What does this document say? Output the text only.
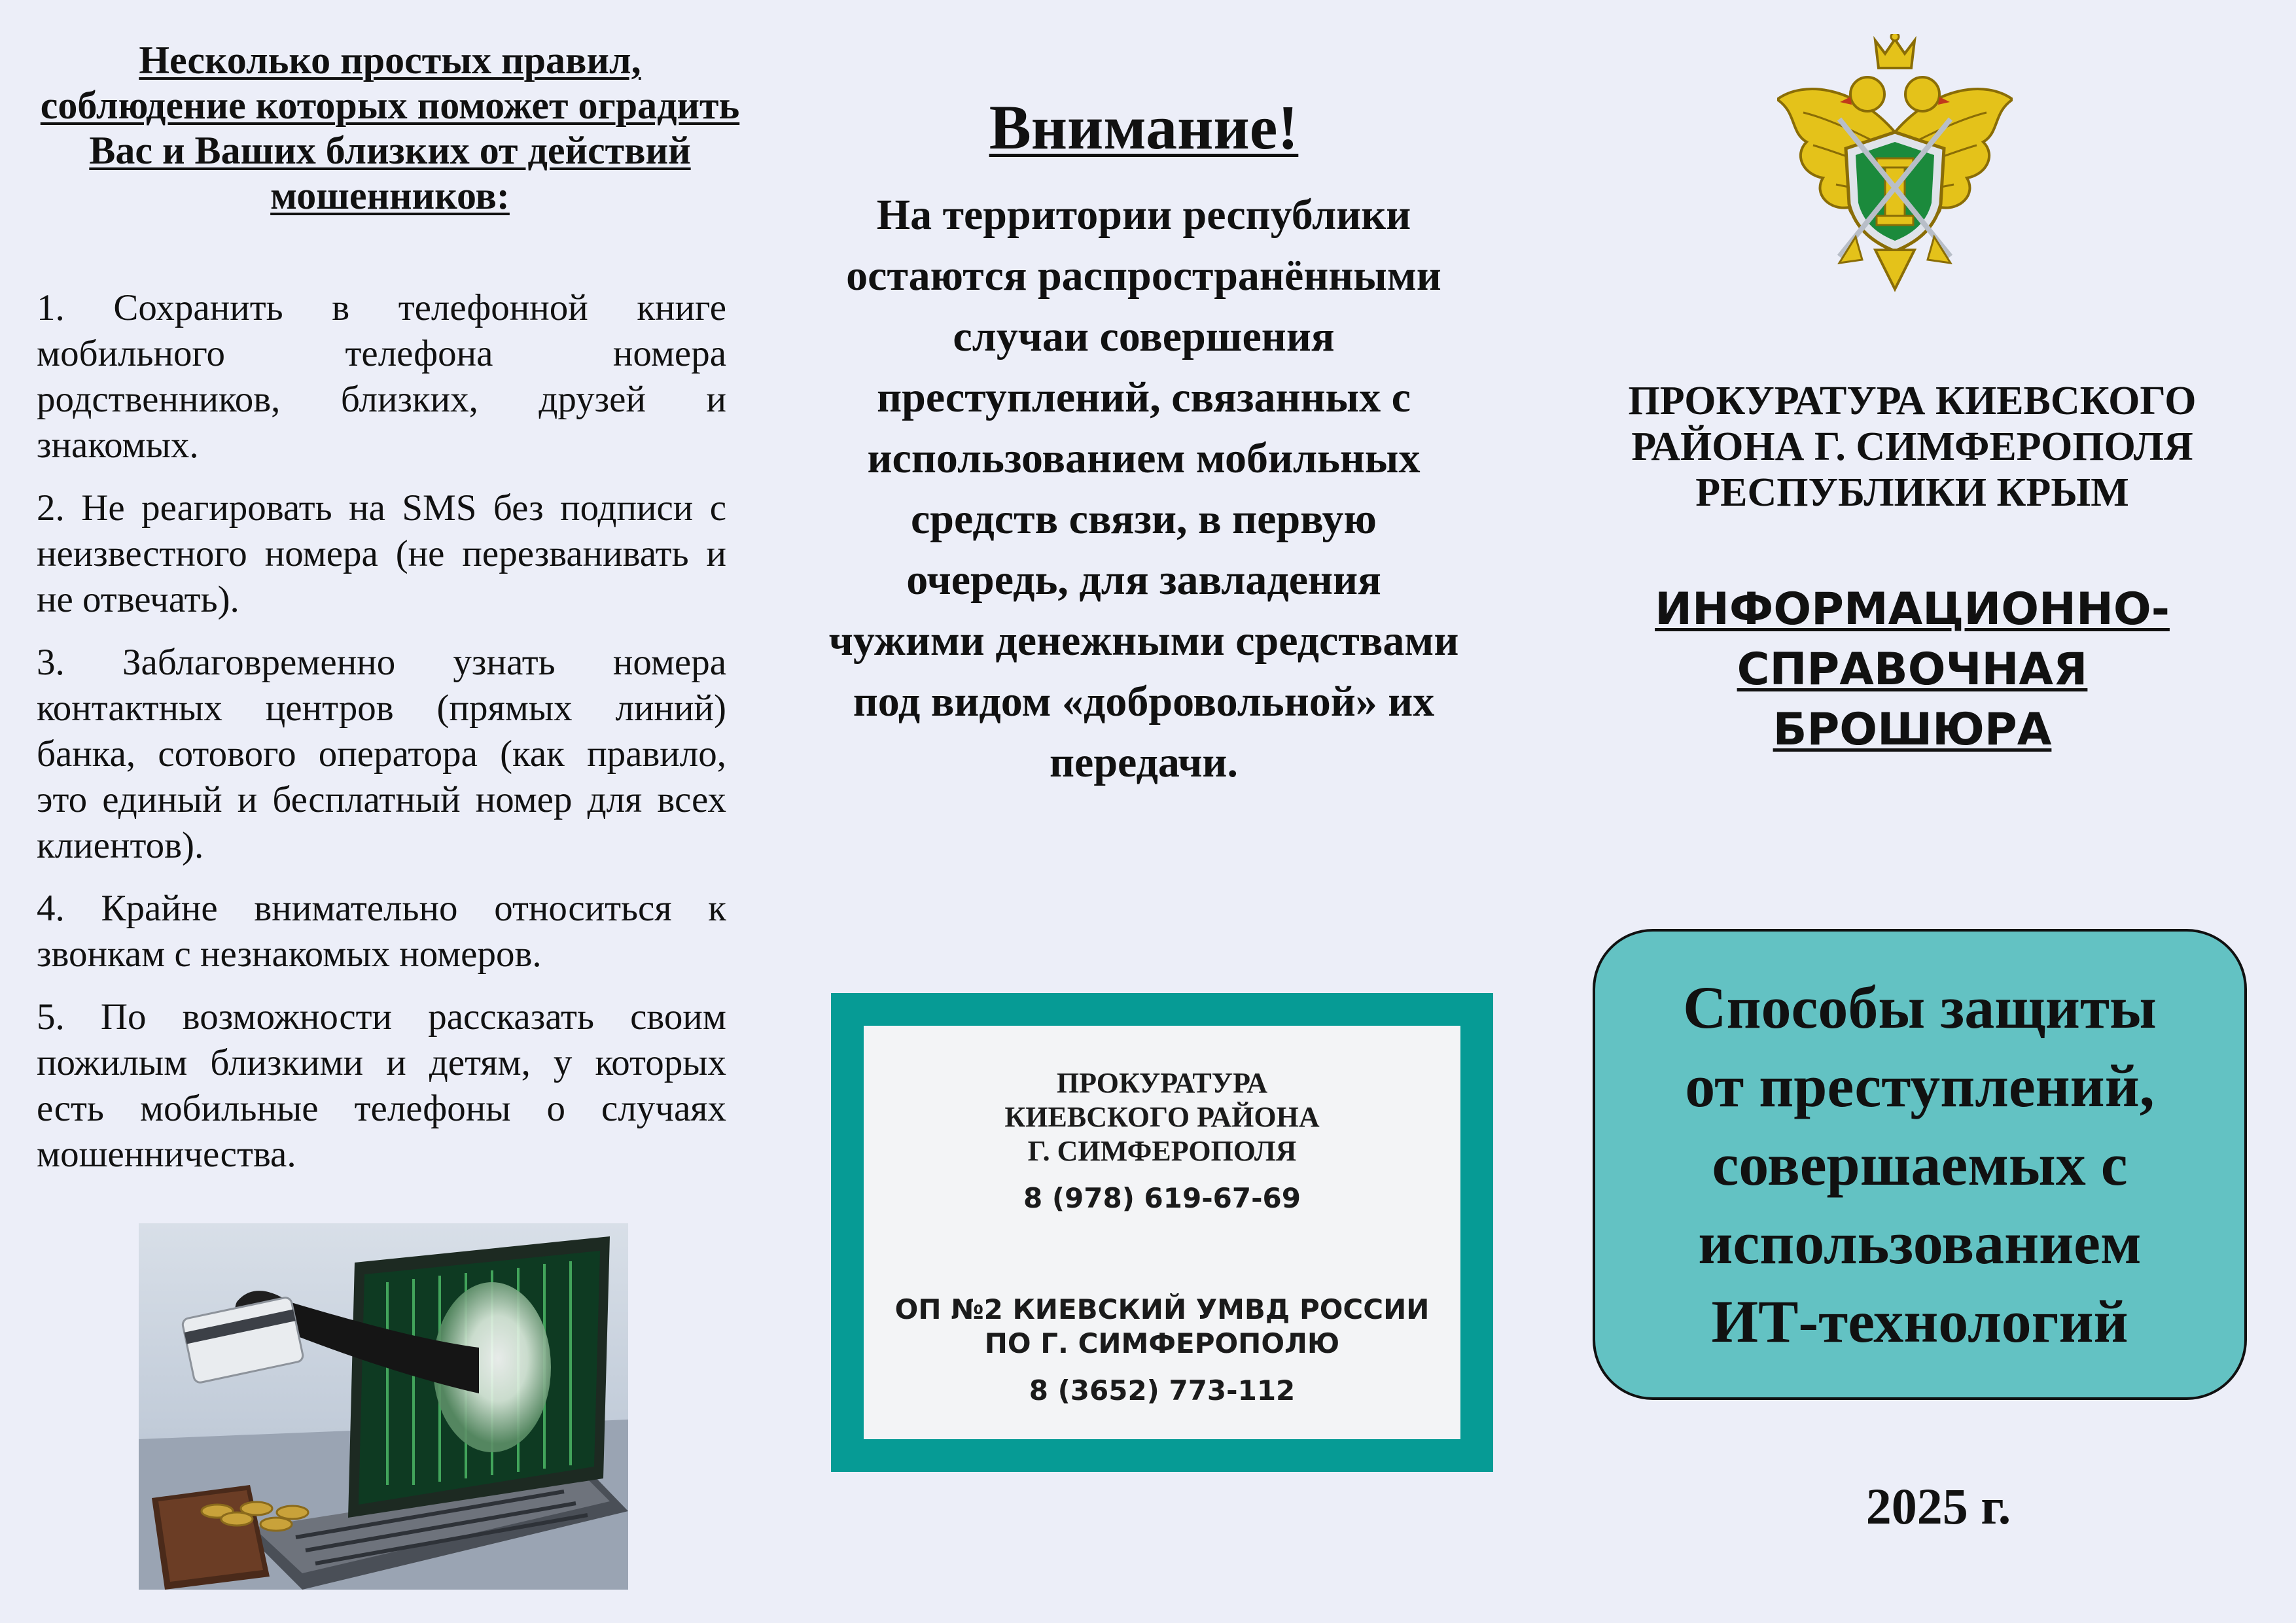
Несколько простых правил, соблюдение которых поможет оградить Вас и Ваших близких от действий мошенников:

1. Сохранить в телефонной книге мобильного телефона номера родственников, близких, друзей и знакомых.

2. Не реагировать на SMS без подписи с неизвестного номера (не перезванивать и не отвечать).

3. Заблаговременно узнать номера контактных центров (прямых линий) банка, сотового оператора (как правило, это единый и бесплатный номер для всех клиентов).

4. Крайне внимательно относиться к звонкам с незнакомых номеров.

5. По возможности рассказать своим пожилым близкими и детям, у которых есть мобильные телефоны о случаях мошенничества.

Внимание!
На территории республики остаются распространёнными случаи совершения преступлений, связанных с использованием мобильных средств связи, в первую очередь, для завладения чужими денежными средствами под видом «добровольной» их передачи.
ПРОКУРАТУРА
КИЕВСКОГО РАЙОНА
Г. СИМФЕРОПОЛЯ
8 (978) 619-67-69
ОП №2 КИЕВСКИЙ УМВД РОССИИ
ПО Г. СИМФЕРОПОЛЮ
8 (3652) 773-112
ПРОКУРАТУРА КИЕВСКОГО
РАЙОНА Г. СИМФЕРОПОЛЯ
РЕСПУБЛИКИ КРЫМ
ИНФОРМАЦИОННО-
СПРАВОЧНАЯ
БРОШЮРА
Способы защиты
от преступлений,
совершаемых с
использованием
ИТ-технологий
2025 г.
